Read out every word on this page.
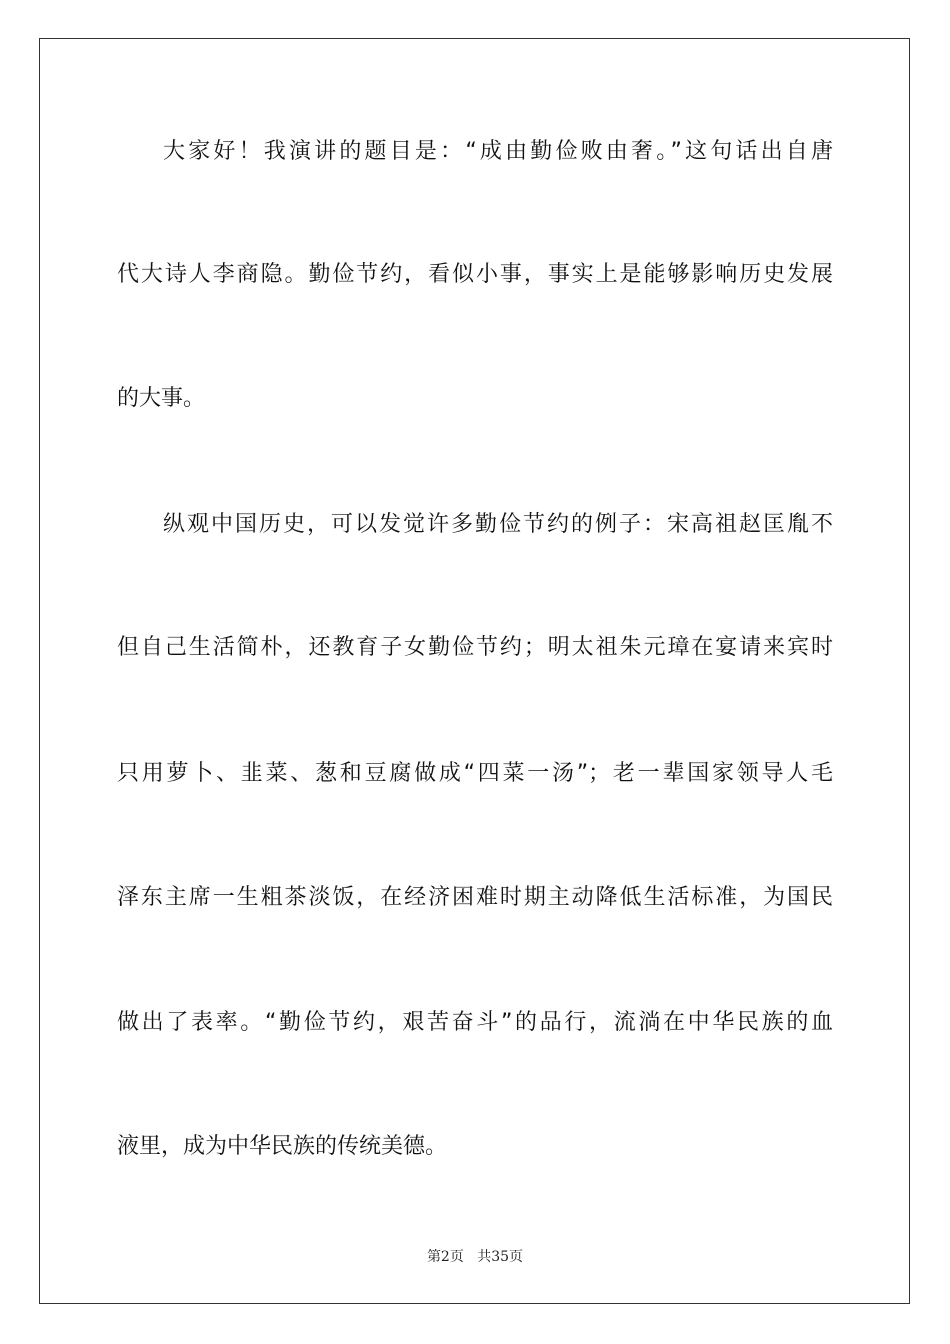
大家好！我演讲的题目是：“成由勤俭败由奢。”这句话出自唐
代大诗人李商隐。勤俭节约，看似小事，事实上是能够影响历史发展
的大事。
纵观中国历史，可以发觉许多勤俭节约的例子：宋高祖赵匡胤不
但自己生活简朴，还教育子女勤俭节约；明太祖朱元璋在宴请来宾时
只用萝卜、韭菜、葱和豆腐做成“四菜一汤”；老一辈国家领导人毛
泽东主席一生粗茶淡饭，在经济困难时期主动降低生活标准，为国民
做出了表率。“勤俭节约，艰苦奋斗”的品行，流淌在中华民族的血
液里，成为中华民族的传统美德。
第2页 共35页
